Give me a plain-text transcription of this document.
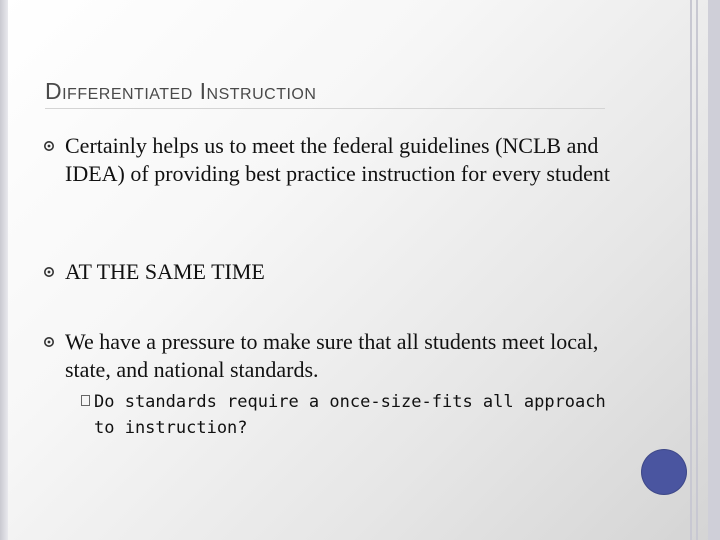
Differentiated Instruction
Certainly helps us to meet the federal guidelines (NCLB and IDEA) of providing best practice instruction for every student
AT THE SAME TIME
We have a pressure to make sure that all students meet local, state, and national standards.
Do standards require a once-size-fits all approach to instruction?
